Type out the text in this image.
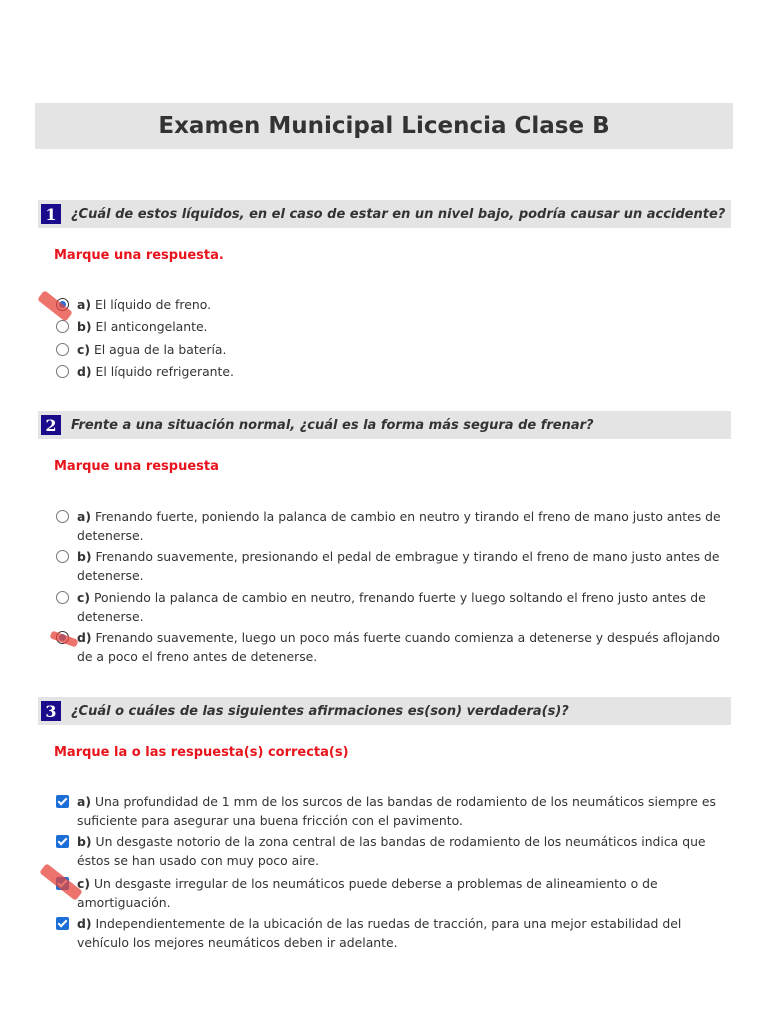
Examen Municipal Licencia Clase B
1	¿Cuál de estos líquidos, en el caso de estar en un nivel bajo, podría causar un accidente?
Marque una respuesta.
a) El líquido de freno.
b) El anticongelante.
c) El agua de la batería.
d) El líquido refrigerante.
2	Frente a una situación normal, ¿cuál es la forma más segura de frenar?
Marque una respuesta
a) Frenando fuerte, poniendo la palanca de cambio en neutro y tirando el freno de mano justo antes de detenerse.
b) Frenando suavemente, presionando el pedal de embrague y tirando el freno de mano justo antes de detenerse.
c) Poniendo la palanca de cambio en neutro, frenando fuerte y luego soltando el freno justo antes de detenerse.
d) Frenando suavemente, luego un poco más fuerte cuando comienza a detenerse y después aflojando de a poco el freno antes de detenerse.
3	¿Cuál o cuáles de las siguientes afirmaciones es(son) verdadera(s)?
Marque la o las respuesta(s) correcta(s)
a) Una profundidad de 1 mm de los surcos de las bandas de rodamiento de los neumáticos siempre es suficiente para asegurar una buena fricción con el pavimento.
b) Un desgaste notorio de la zona central de las bandas de rodamiento de los neumáticos indica que éstos se han usado con muy poco aire.
c) Un desgaste irregular de los neumáticos puede deberse a problemas de alineamiento o de amortiguación.
d) Independientemente de la ubicación de las ruedas de tracción, para una mejor estabilidad del vehículo los mejores neumáticos deben ir adelante.
